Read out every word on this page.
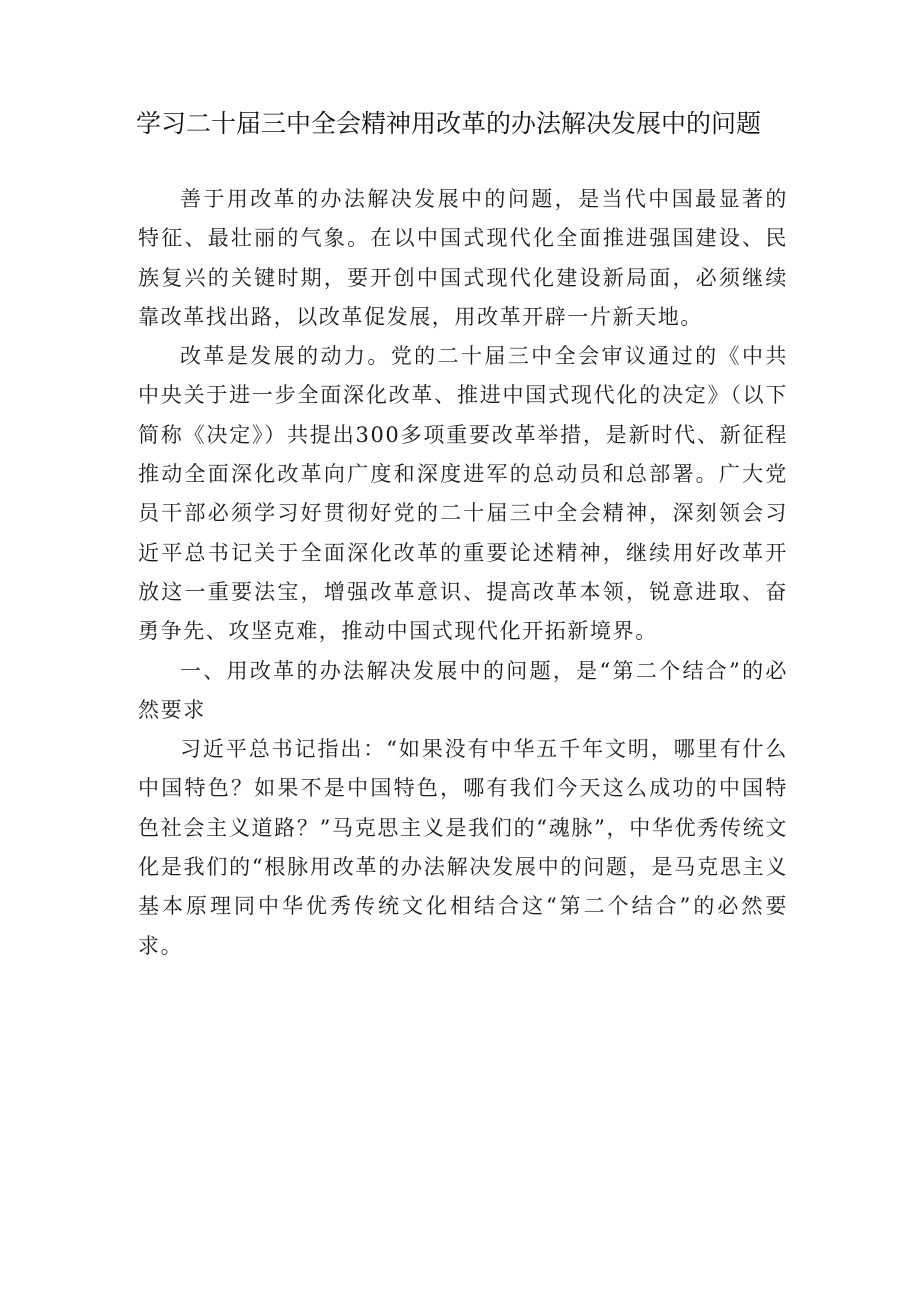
学习二十届三中全会精神用改革的办法解决发展中的问题

善于用改革的办法解决发展中的问题，是当代中国最显著的特征、最壮丽的气象。在以中国式现代化全面推进强国建设、民族复兴的关键时期，要开创中国式现代化建设新局面，必须继续靠改革找出路，以改革促发展，用改革开辟一片新天地。

改革是发展的动力。党的二十届三中全会审议通过的《中共中央关于进一步全面深化改革、推进中国式现代化的决定》（以下简称《决定》）共提出300多项重要改革举措，是新时代、新征程推动全面深化改革向广度和深度进军的总动员和总部署。广大党员干部必须学习好贯彻好党的二十届三中全会精神，深刻领会习近平总书记关于全面深化改革的重要论述精神，继续用好改革开放这一重要法宝，增强改革意识、提高改革本领，锐意进取、奋勇争先、攻坚克难，推动中国式现代化开拓新境界。

一、用改革的办法解决发展中的问题，是“第二个结合”的必然要求

习近平总书记指出：“如果没有中华五千年文明，哪里有什么中国特色？如果不是中国特色，哪有我们今天这么成功的中国特色社会主义道路？”马克思主义是我们的“魂脉”，中华优秀传统文化是我们的“根脉用改革的办法解决发展中的问题，是马克思主义基本原理同中华优秀传统文化相结合这“第二个结合”的必然要求。
